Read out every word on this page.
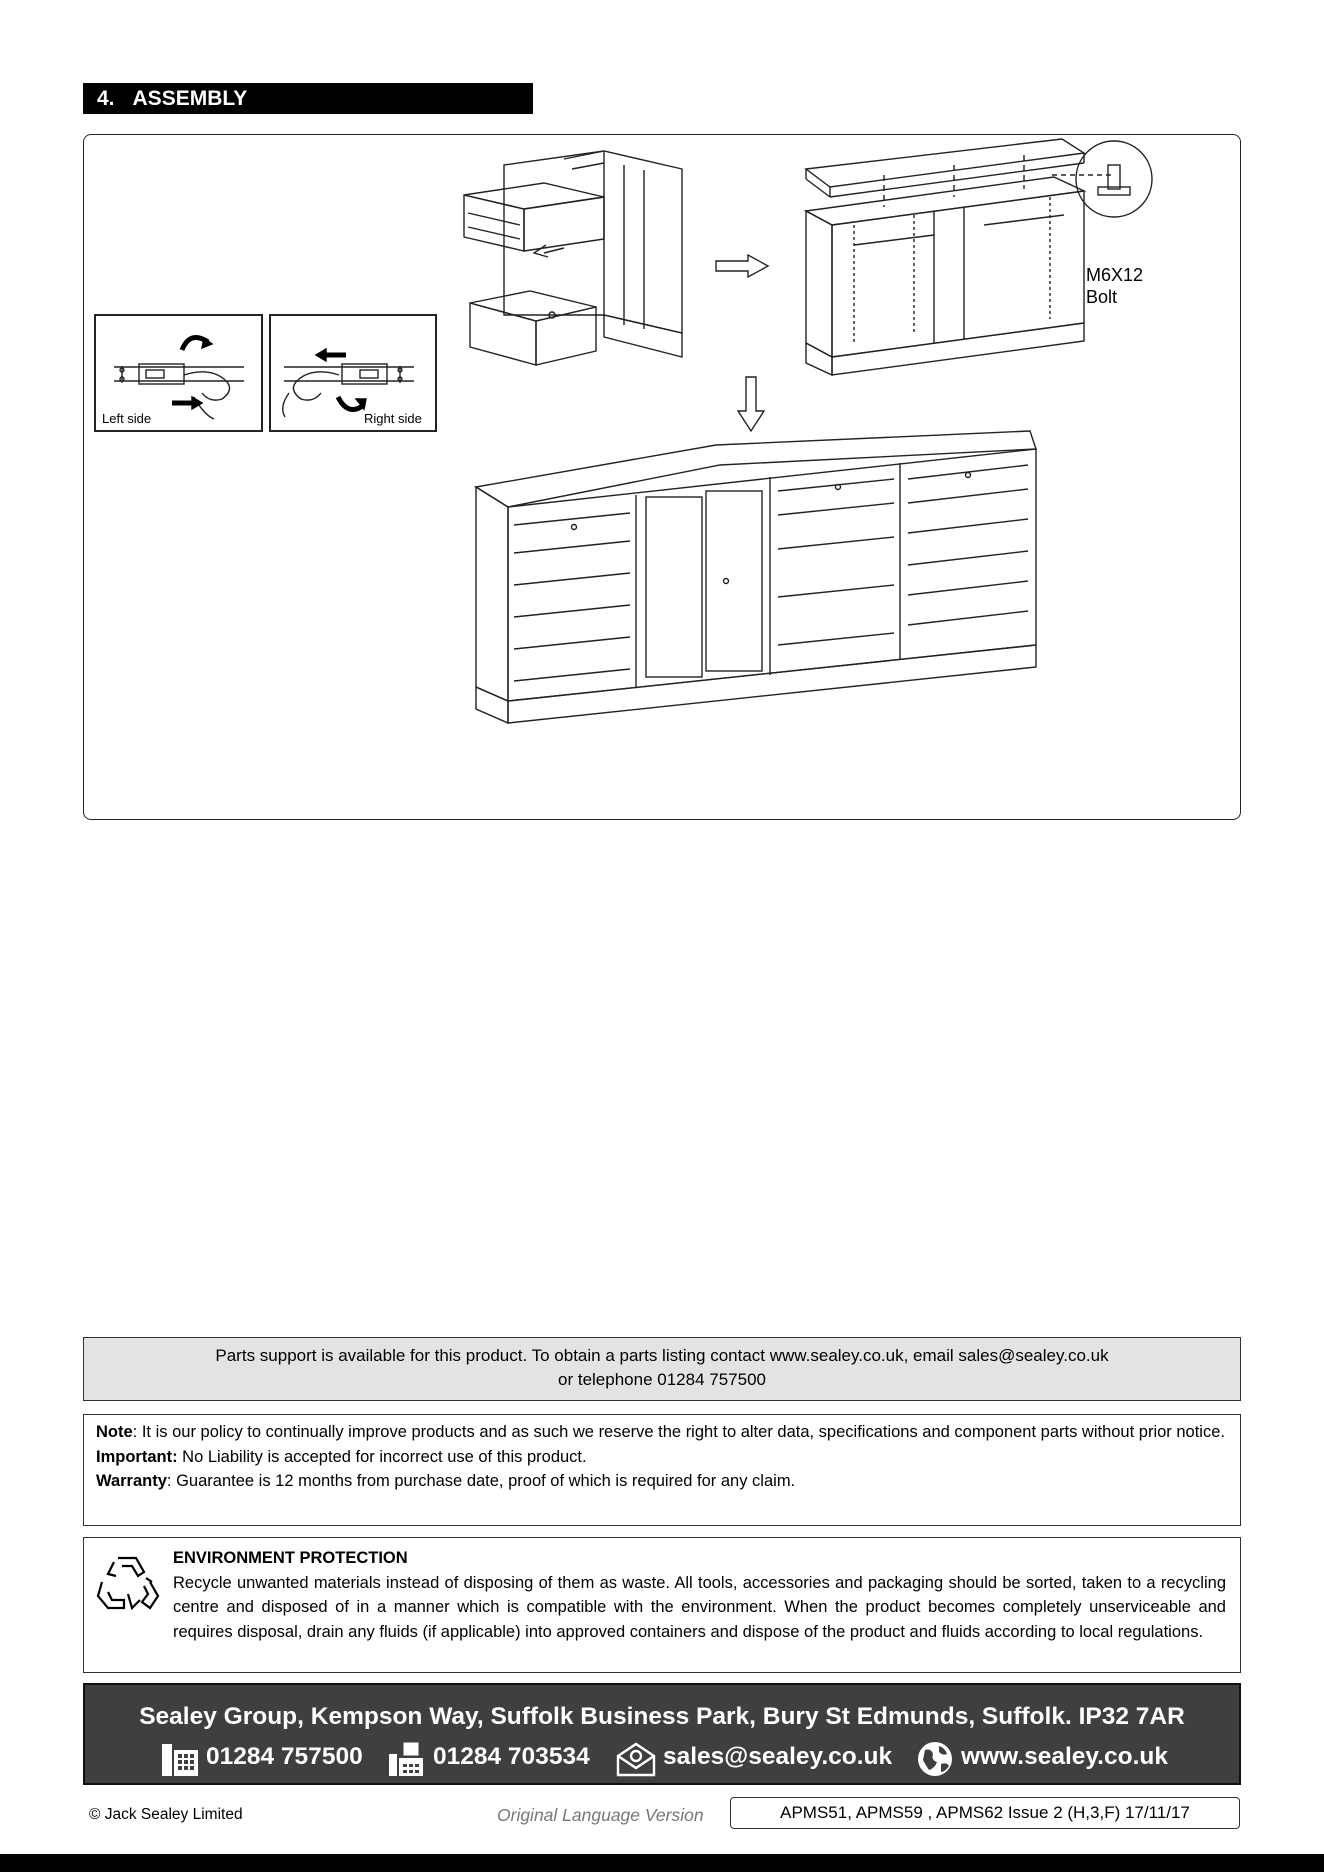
4. ASSEMBLY
Left side	Right side
M6X12
Bolt
Parts support is available for this product. To obtain a parts listing contact www.sealey.co.uk, email sales@sealey.co.uk
or telephone 01284 757500
Note: It is our policy to continually improve products and as such we reserve the right to alter data, specifications and component parts without prior notice.
Important: No Liability is accepted for incorrect use of this product.
Warranty: Guarantee is 12 months from purchase date, proof of which is required for any claim.
ENVIRONMENT PROTECTION
Recycle unwanted materials instead of disposing of them as waste. All tools, accessories and packaging should be sorted, taken to a recycling centre and disposed of in a manner which is compatible with the environment. When the product becomes completely unserviceable and requires disposal, drain any fluids (if applicable) into approved containers and dispose of the product and fluids according to local regulations.
Sealey Group, Kempson Way, Suffolk Business Park, Bury St Edmunds, Suffolk. IP32 7AR
01284 757500	01284 703534	sales@sealey.co.uk	www.sealey.co.uk
© Jack Sealey Limited	Original Language Version	APMS51, APMS59 , APMS62 Issue 2 (H,3,F) 17/11/17
